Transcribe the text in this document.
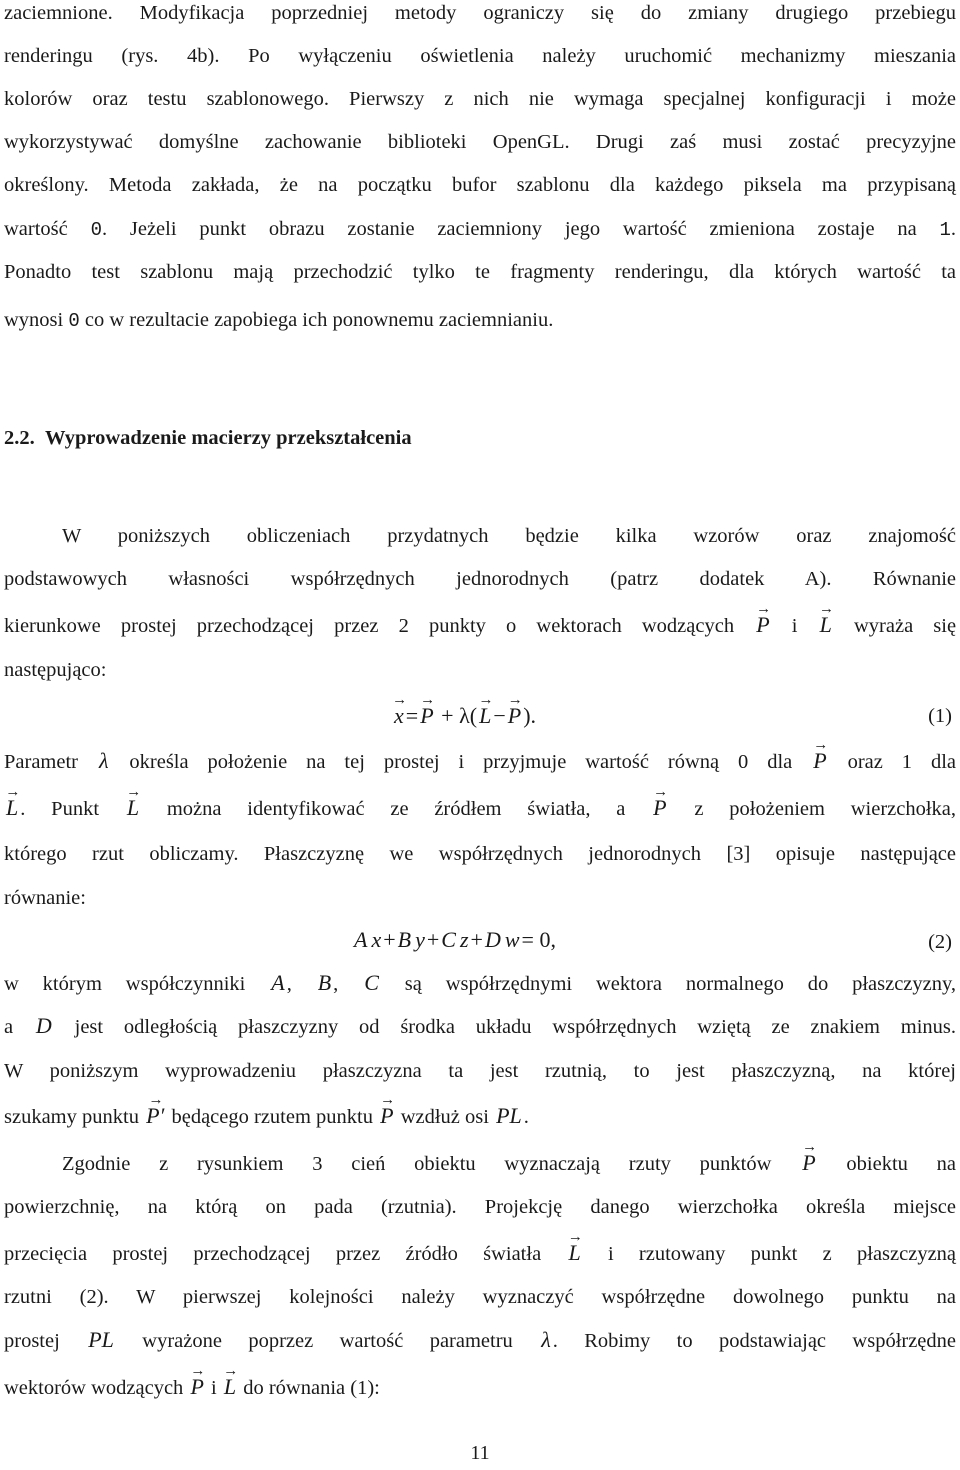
zaciemnione. Modyfikacja poprzedniej metody ograniczy się do zmiany drugiego przebiegu
renderingu (rys. 4b). Po wyłączeniu oświetlenia należy uruchomić mechanizmy mieszania
kolorów oraz testu szablonowego. Pierwszy z nich nie wymaga specjalnej konfiguracji i może
wykorzystywać domyślne zachowanie biblioteki OpenGL. Drugi zaś musi zostać precyzyjne
określony. Metoda zakłada, że na początku bufor szablonu dla każdego piksela ma przypisaną
wartość 0. Jeżeli punkt obrazu zostanie zaciemniony jego wartość zmieniona zostaje na 1.
Ponadto test szablonu mają przechodzić tylko te fragmenty renderingu, dla których wartość ta
wynosi 0 co w rezultacie zapobiega ich ponownemu zaciemnianiu.
2.2. Wyprowadzenie macierzy przekształcenia
W poniższych obliczeniach przydatnych będzie kilka wzorów oraz znajomość
podstawowych własności współrzędnych jednorodnych (patrz dodatek A). Równanie
kierunkowe prostej przechodzącej przez 2 punkty o wektorach wodzących → P i → L wyraża się
następująco:
→ x=→ P + λ(→ L−→ P).	(1)
Parametr λ określa położenie na tej prostej i przyjmuje wartość równą 0 dla → P oraz 1 dla
→ L. Punkt → L można identyfikować ze źródłem światła, a → P z położeniem wierzchołka,
którego rzut obliczamy. Płaszczyznę we współrzędnych jednorodnych [3] opisuje następujące
równanie:
A x+B y+C z+D w= 0,	(2)
w którym współczynniki A, B, C są współrzędnymi wektora normalnego do płaszczyzny,
a D jest odległością płaszczyzny od środka układu współrzędnych wziętą ze znakiem minus.
W poniższym wyprowadzeniu płaszczyzna ta jest rzutnią, to jest płaszczyzną, na której
szukamy punktu → P′ będącego rzutem punktu → P wzdłuż osi PL.
Zgodnie z rysunkiem 3 cień obiektu wyznaczają rzuty punktów → P obiektu na
powierzchnię, na którą on pada (rzutnia). Projekcję danego wierzchołka określa miejsce
przecięcia prostej przechodzącej przez źródło światła → L i rzutowany punkt z płaszczyzną
rzutni (2). W pierwszej kolejności należy wyznaczyć współrzędne dowolnego punktu na
prostej PL wyrażone poprzez wartość parametru λ. Robimy to podstawiając współrzędne
wektorów wodzących → P i → L do równania (1):
11
